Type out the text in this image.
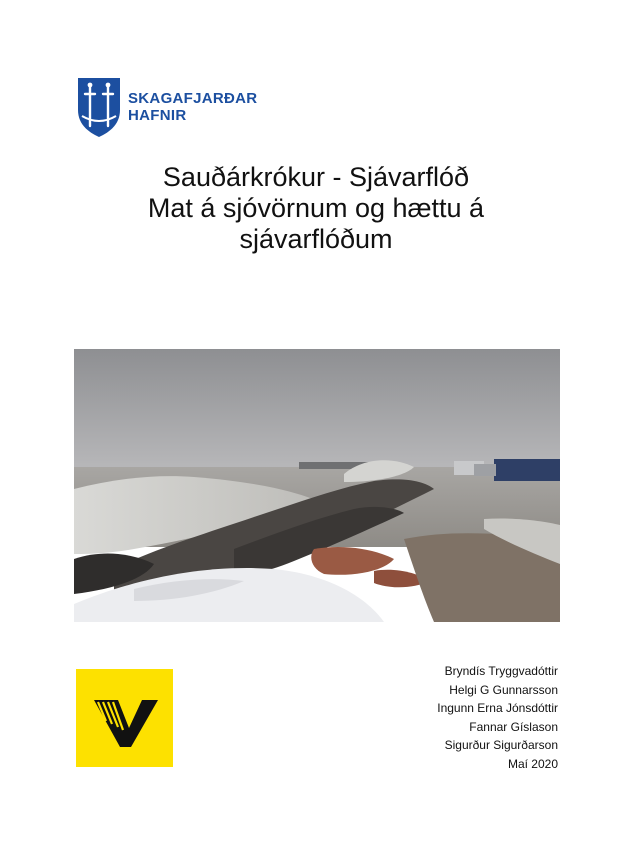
SKAGAFJARÐAR
HAFNIR
Sauðárkrókur - Sjávarflóð
Mat á sjóvörnum og hættu á
sjávarflóðum
Bryndís Tryggvadóttir
Helgi G Gunnarsson
Ingunn Erna Jónsdóttir
Fannar Gíslason
Sigurður Sigurðarson
Maí 2020
